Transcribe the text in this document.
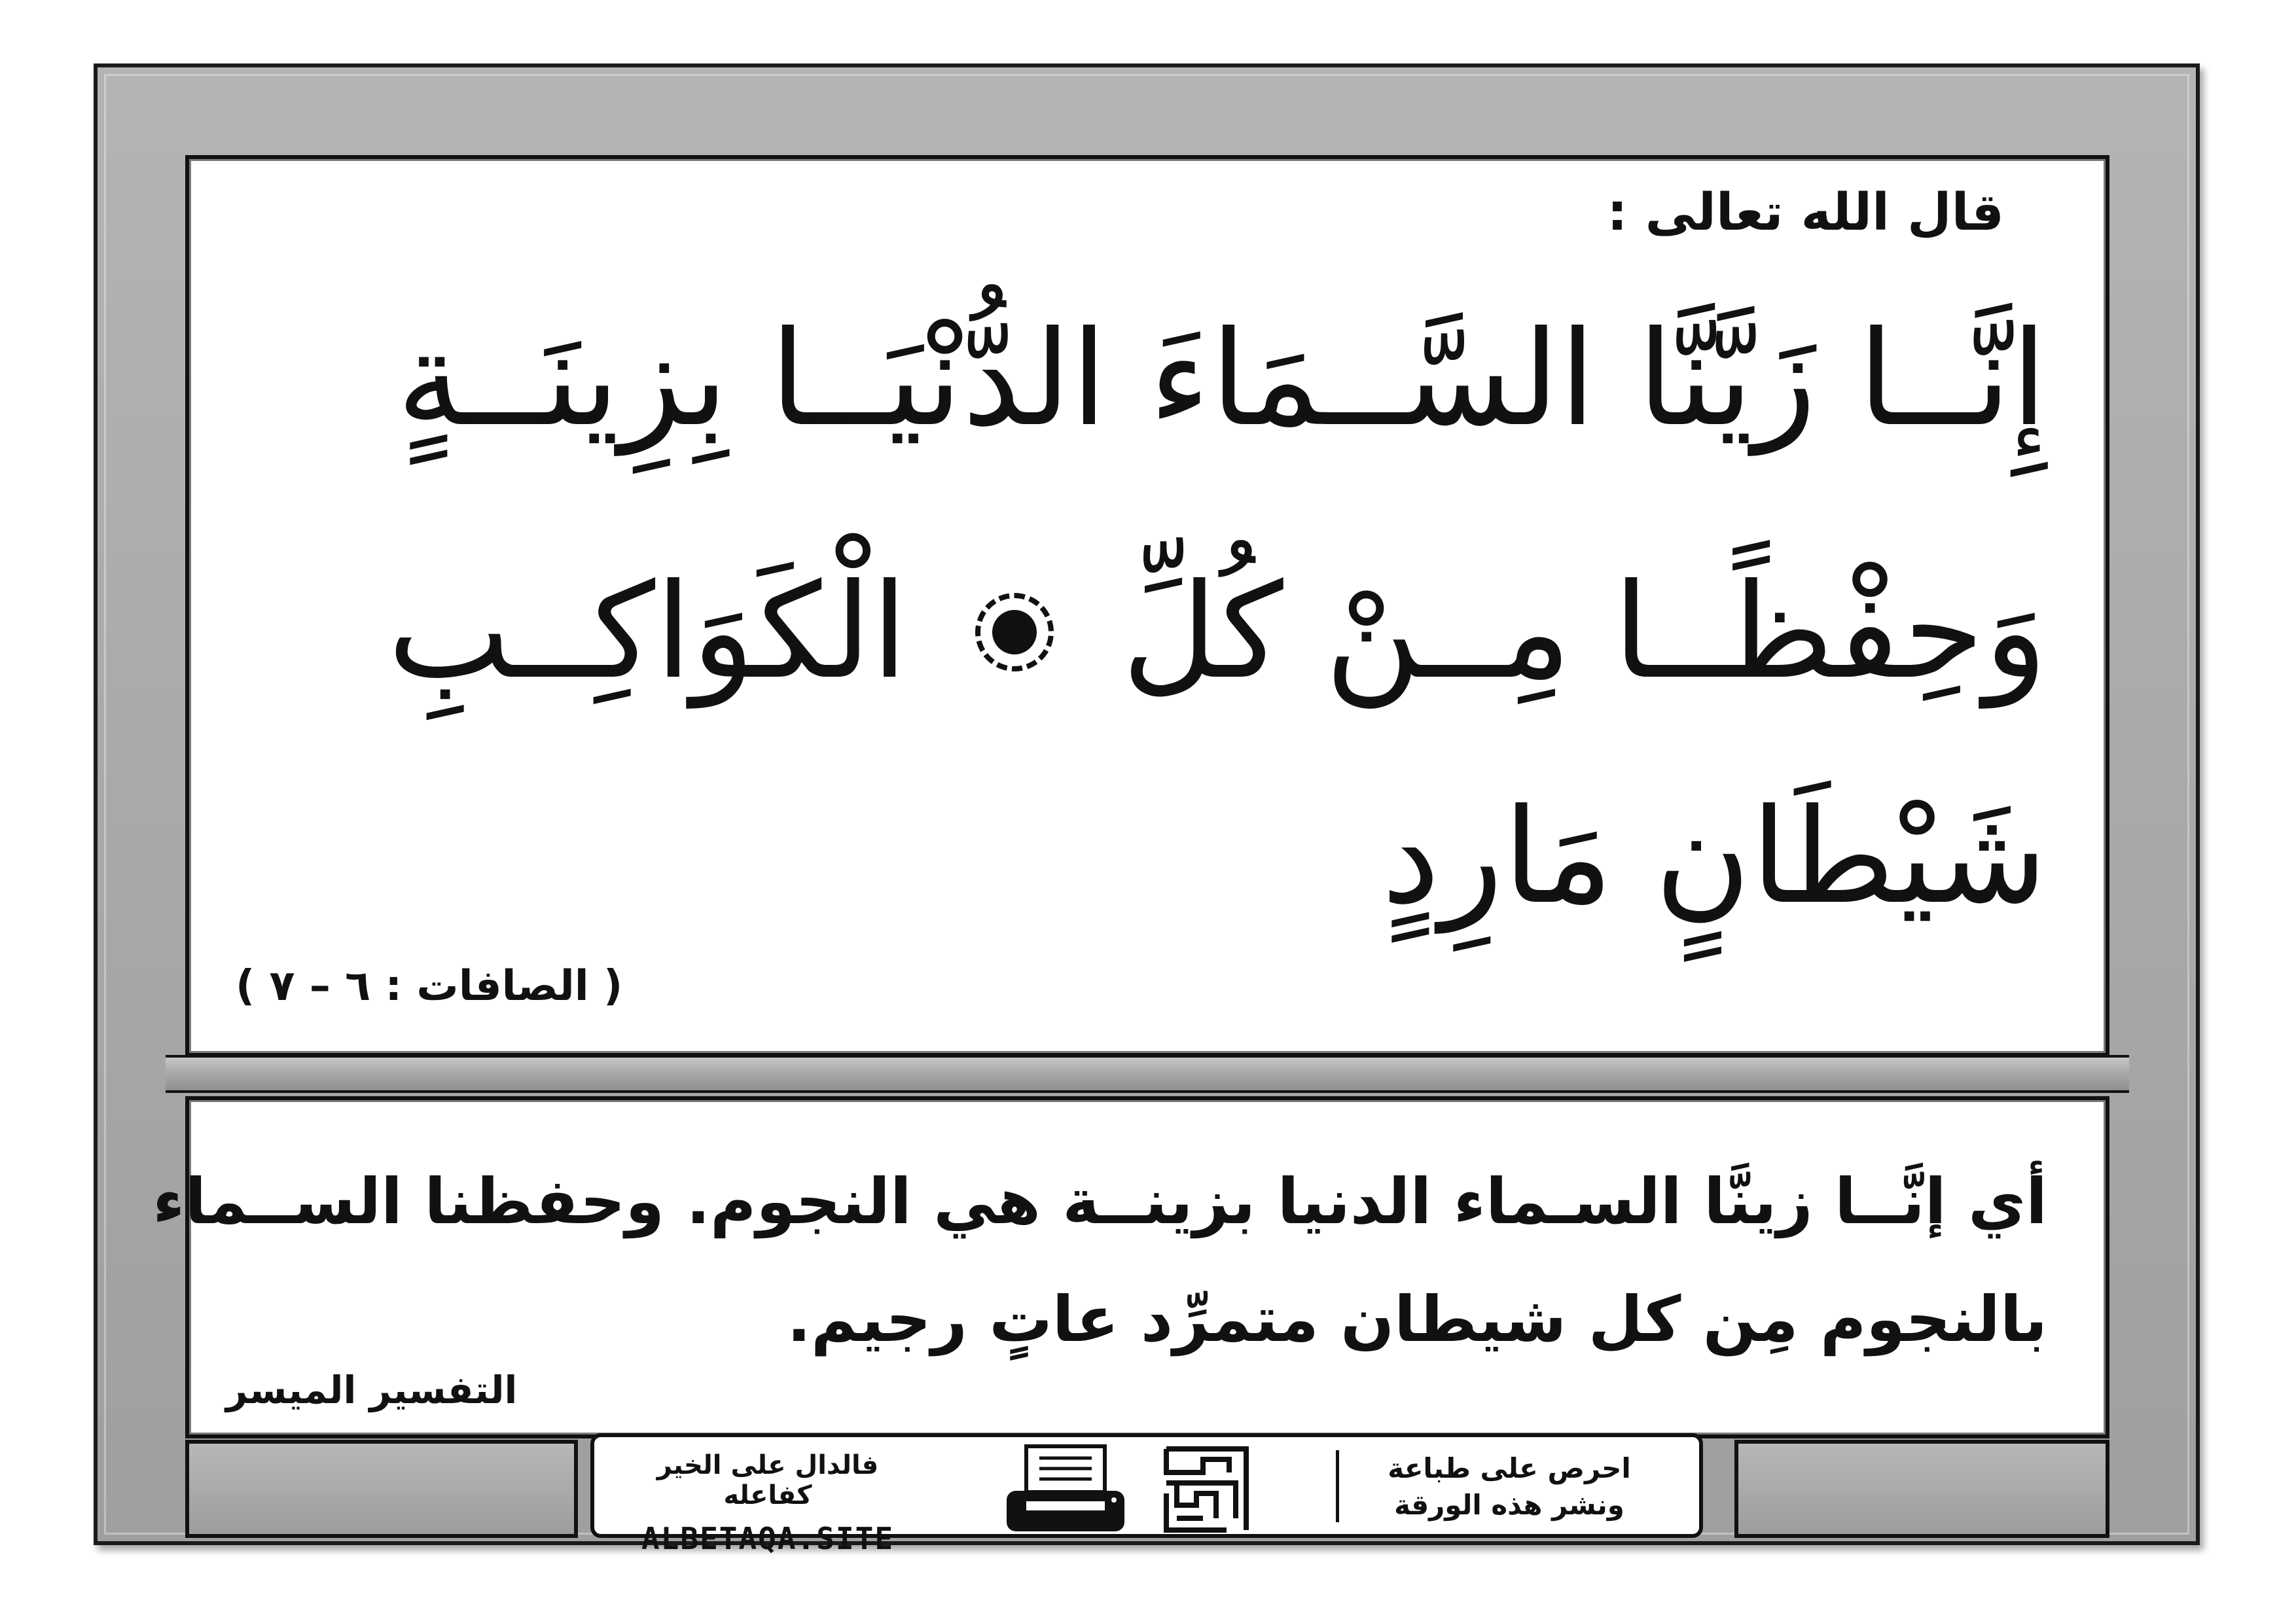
قال الله تعالى :
إِنَّــا زَيَّنَّا السَّــمَاءَ الدُّنْيَــا بِزِينَــةٍ
وَحِفْظًــا مِــنْ كُلِّ  الْكَوَاكِــبِ
شَيْطَانٍ مَارِدٍ
( الصافات : ٦ – ٧ )
أي إنَّــا زينَّا السـماء الدنيا بزينــة هي النجوم. وحفظنا الســماء
بالنجوم مِن كل شيطان متمرِّد عاتٍ رجيم.
التفسير الميسر
فالدال على الخير كفاعله
ALBETAQA.SITE
احرص على طباعة
ونشر هذه الورقة
